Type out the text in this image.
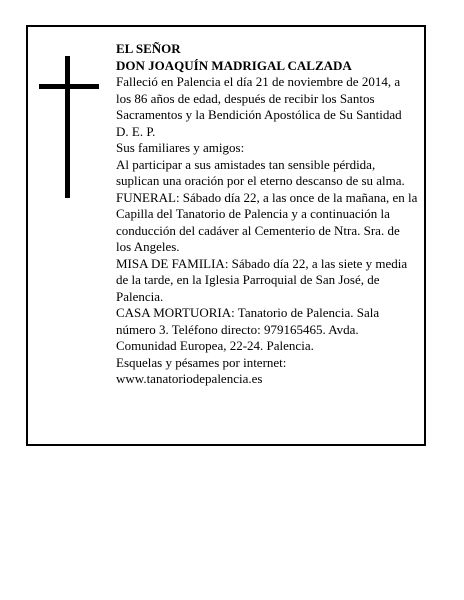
EL SEÑOR

DON JOAQUÍN MADRIGAL CALZADA

Falleció en Palencia el día 21 de noviembre de 2014, a los 86 años de edad, después de recibir los Santos Sacramentos y la Bendición Apostólica de Su Santidad

D. E. P.

Sus familiares y amigos:

Al participar a sus amistades tan sensible pérdida, suplican una oración por el eterno descanso de su alma.

FUNERAL: Sábado día 22, a las once de la mañana, en la Capilla del Tanatorio de Palencia y a continuación la conducción del cadáver al Cementerio de Ntra. Sra. de los Angeles.

MISA DE FAMILIA: Sábado día 22, a las siete y media de la tarde, en la Iglesia Parroquial de San José, de Palencia.

CASA MORTUORIA: Tanatorio de Palencia. Sala número 3. Teléfono directo: 979165465. Avda. Comunidad Europea, 22-24. Palencia.

Esquelas y pésames por internet:

www.tanatoriodepalencia.es
